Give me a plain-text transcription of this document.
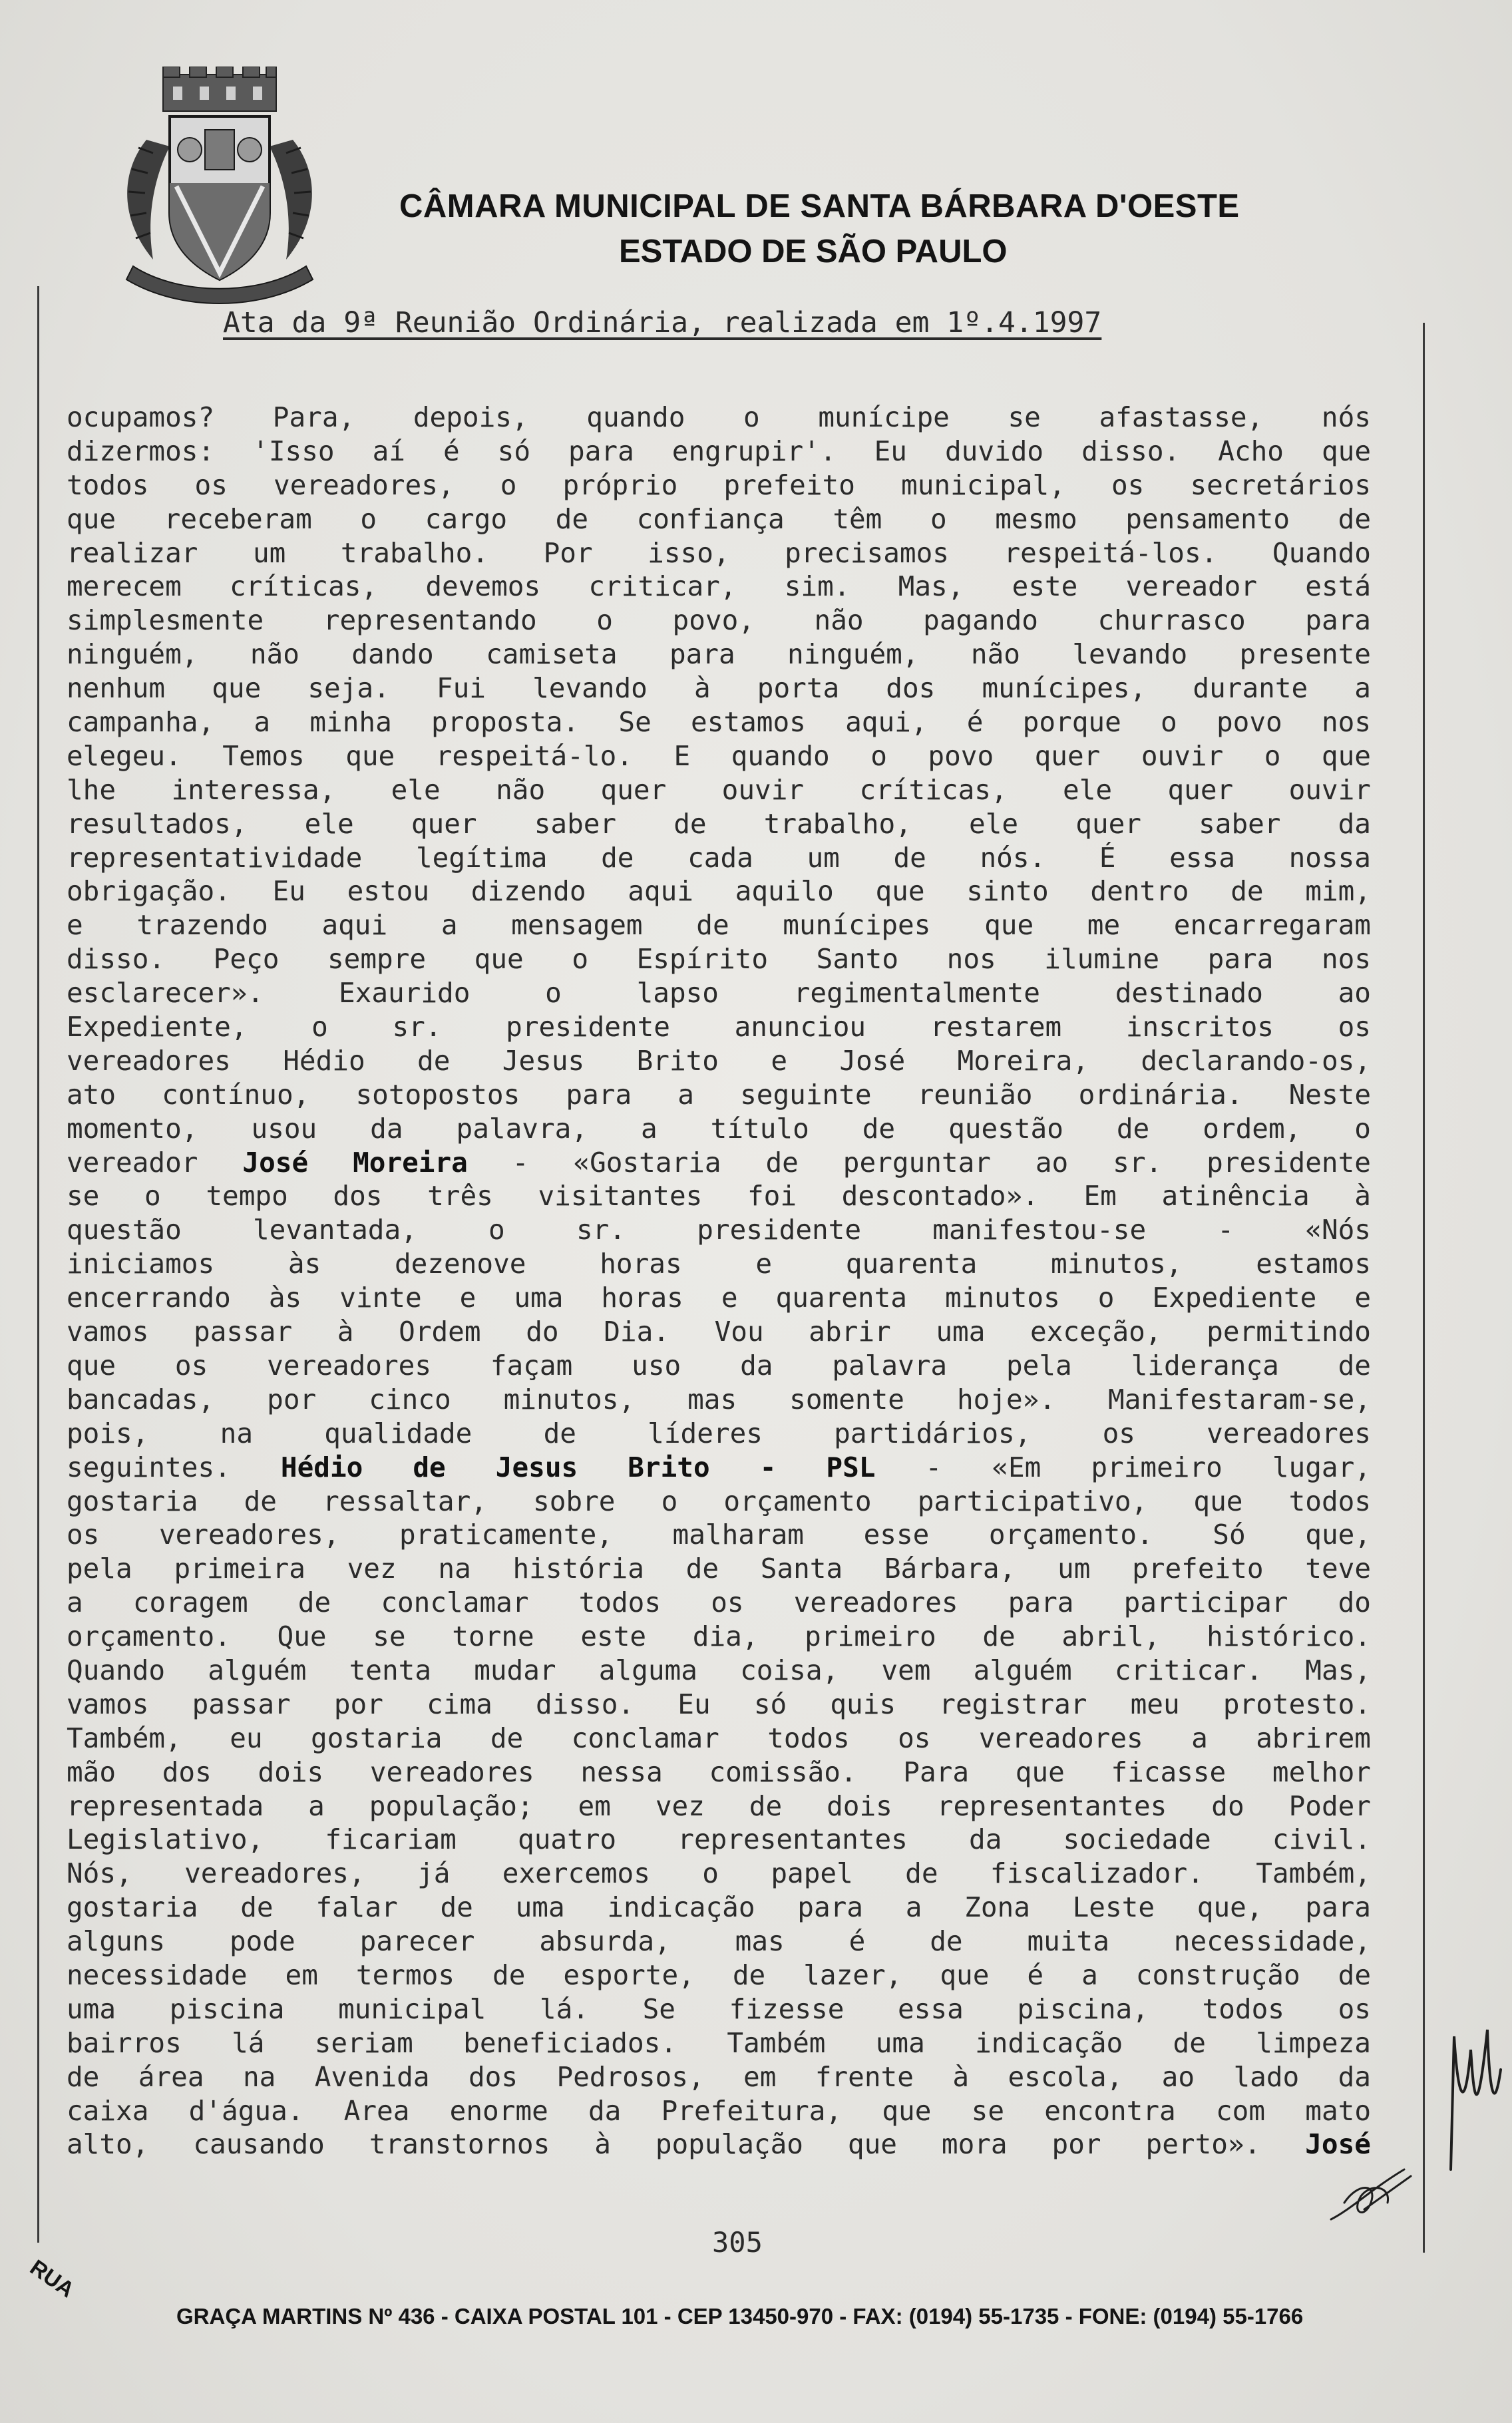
CÂMARA MUNICIPAL DE SANTA BÁRBARA D'OESTE
ESTADO DE SÃO PAULO
Ata da 9ª Reunião Ordinária, realizada em 1º.4.1997
ocupamos? Para, depois, quando o munícipe se afastasse, nós
dizermos: 'Isso aí é só para engrupir'. Eu duvido disso. Acho que
todos os vereadores, o próprio prefeito municipal, os secretários
que receberam o cargo de confiança têm o mesmo pensamento de
realizar um trabalho. Por isso, precisamos respeitá-los. Quando
merecem críticas, devemos criticar, sim. Mas, este vereador está
simplesmente representando o povo, não pagando churrasco para
ninguém, não dando camiseta para ninguém, não levando presente
nenhum que seja. Fui levando à porta dos munícipes, durante a
campanha, a minha proposta. Se estamos aqui, é porque o povo nos
elegeu. Temos que respeitá-lo. E quando o povo quer ouvir o que
lhe interessa, ele não quer ouvir críticas, ele quer ouvir
resultados, ele quer saber de trabalho, ele quer saber da
representatividade legítima de cada um de nós. É essa nossa
obrigação. Eu estou dizendo aqui aquilo que sinto dentro de mim,
e trazendo aqui a mensagem de munícipes que me encarregaram
disso. Peço sempre que o Espírito Santo nos ilumine para nos
esclarecer». Exaurido o lapso regimentalmente destinado ao
Expediente, o sr. presidente anunciou restarem inscritos os
vereadores Hédio de Jesus Brito e José Moreira, declarando-os,
ato contínuo, sotopostos para a seguinte reunião ordinária. Neste
momento, usou da palavra, a título de questão de ordem, o
vereador José Moreira - «Gostaria de perguntar ao sr. presidente
se o tempo dos três visitantes foi descontado». Em atinência à
questão levantada, o sr. presidente manifestou-se - «Nós
iniciamos às dezenove horas e quarenta minutos, estamos
encerrando às vinte e uma horas e quarenta minutos o Expediente e
vamos passar à Ordem do Dia. Vou abrir uma exceção, permitindo
que os vereadores façam uso da palavra pela liderança de
bancadas, por cinco minutos, mas somente hoje». Manifestaram-se,
pois, na qualidade de líderes partidários, os vereadores
seguintes. Hédio de Jesus Brito - PSL - «Em primeiro lugar,
gostaria de ressaltar, sobre o orçamento participativo, que todos
os vereadores, praticamente, malharam esse orçamento. Só que,
pela primeira vez na história de Santa Bárbara, um prefeito teve
a coragem de conclamar todos os vereadores para participar do
orçamento. Que se torne este dia, primeiro de abril, histórico.
Quando alguém tenta mudar alguma coisa, vem alguém criticar. Mas,
vamos passar por cima disso. Eu só quis registrar meu protesto.
Também, eu gostaria de conclamar todos os vereadores a abrirem
mão dos dois vereadores nessa comissão. Para que ficasse melhor
representada a população; em vez de dois representantes do Poder
Legislativo, ficariam quatro representantes da sociedade civil.
Nós, vereadores, já exercemos o papel de fiscalizador. Também,
gostaria de falar de uma indicação para a Zona Leste que, para
alguns pode parecer absurda, mas é de muita necessidade,
necessidade em termos de esporte, de lazer, que é a construção de
uma piscina municipal lá. Se fizesse essa piscina, todos os
bairros lá seriam beneficiados. Também uma indicação de limpeza
de área na Avenida dos Pedrosos, em frente à escola, ao lado da
caixa d'água. Area enorme da Prefeitura, que se encontra com mato
alto, causando transtornos à população que mora por perto». José
305
RUA
GRAÇA MARTINS Nº 436 - CAIXA POSTAL 101 - CEP 13450-970 - FAX: (0194) 55-1735 - FONE: (0194) 55-1766
